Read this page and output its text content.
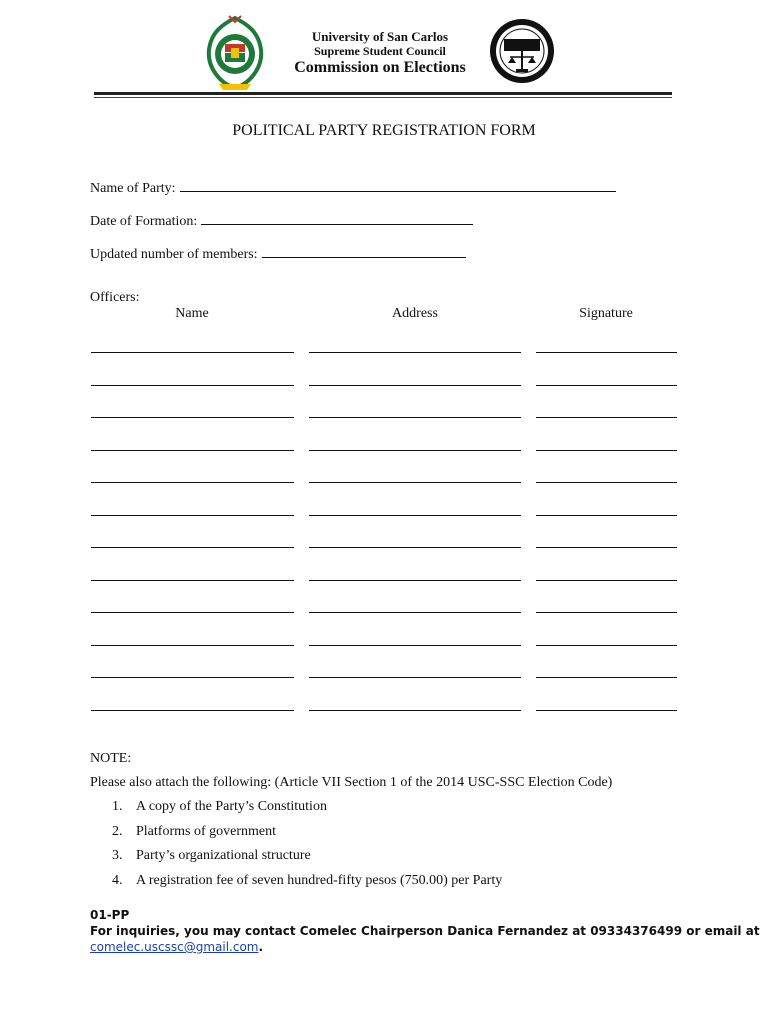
University of San Carlos
Supreme Student Council
Commission on Elections
POLITICAL PARTY REGISTRATION FORM
Name of Party:
Date of Formation:
Updated number of members:
Officers:
Name	Address	Signature
NOTE:
Please also attach the following: (Article VII Section 1 of the 2014 USC-SSC Election Code)
1. A copy of the Party’s Constitution
2. Platforms of government
3. Party’s organizational structure
4. A registration fee of seven hundred-fifty pesos (750.00) per Party
01-PP
For inquiries, you may contact Comelec Chairperson Danica Fernandez at 09334376499 or email at
comelec.uscssc@gmail.com.
